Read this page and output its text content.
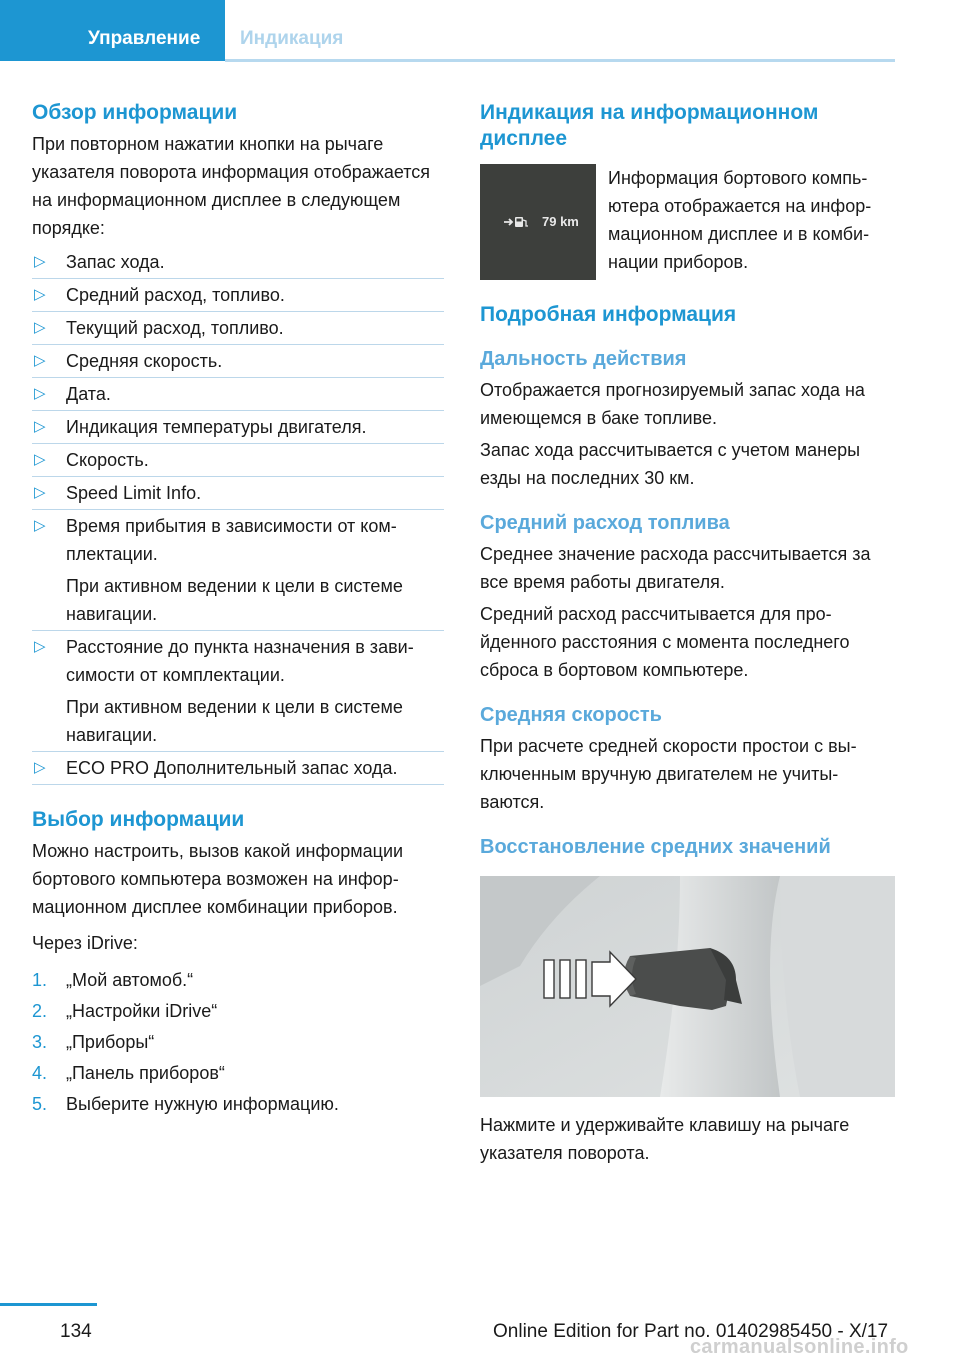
Управление Индикация
Обзор информации
При повторном нажатии кнопки на рычаге указателя поворота информация отображается на информационном дисплее в следующем порядке:
▷ Запас хода.
▷ Средний расход, топливо.
▷ Текущий расход, топливо.
▷ Средняя скорость.
▷ Дата.
▷ Индикация температуры двигателя.
▷ Скорость.
▷ Speed Limit Info.
▷ Время прибытия в зависимости от комплектации.
При активном ведении к цели в системе навигации.
▷ Расстояние до пункта назначения в зависимости от комплектации.
При активном ведении к цели в системе навигации.
▷ ECO PRO Дополнительный запас хода.
Выбор информации
Можно настроить, вызов какой информации бортового компьютера возможен на информационном дисплее комбинации приборов.
Через iDrive:
1. „Мой автомоб.“
2. „Настройки iDrive“
3. „Приборы“
4. „Панель приборов“
5. Выберите нужную информацию.
Индикация на информационном дисплее
79 km
Информация бортового компьютера отображается на информационном дисплее и в комбинации приборов.
Подробная информация
Дальность действия
Отображается прогнозируемый запас хода на имеющемся в баке топливе.
Запас хода рассчитывается с учетом манеры езды на последних 30 км.
Средний расход топлива
Среднее значение расхода рассчитывается за все время работы двигателя.
Средний расход рассчитывается для пройденного расстояния с момента последнего сброса в бортовом компьютере.
Средняя скорость
При расчете средней скорости простои с выключенным вручную двигателем не учитываются.
Восстановление средних значений
Нажмите и удерживайте клавишу на рычаге указателя поворота.
134	Online Edition for Part no. 01402985450 - X/17
carmanualsonline.info
